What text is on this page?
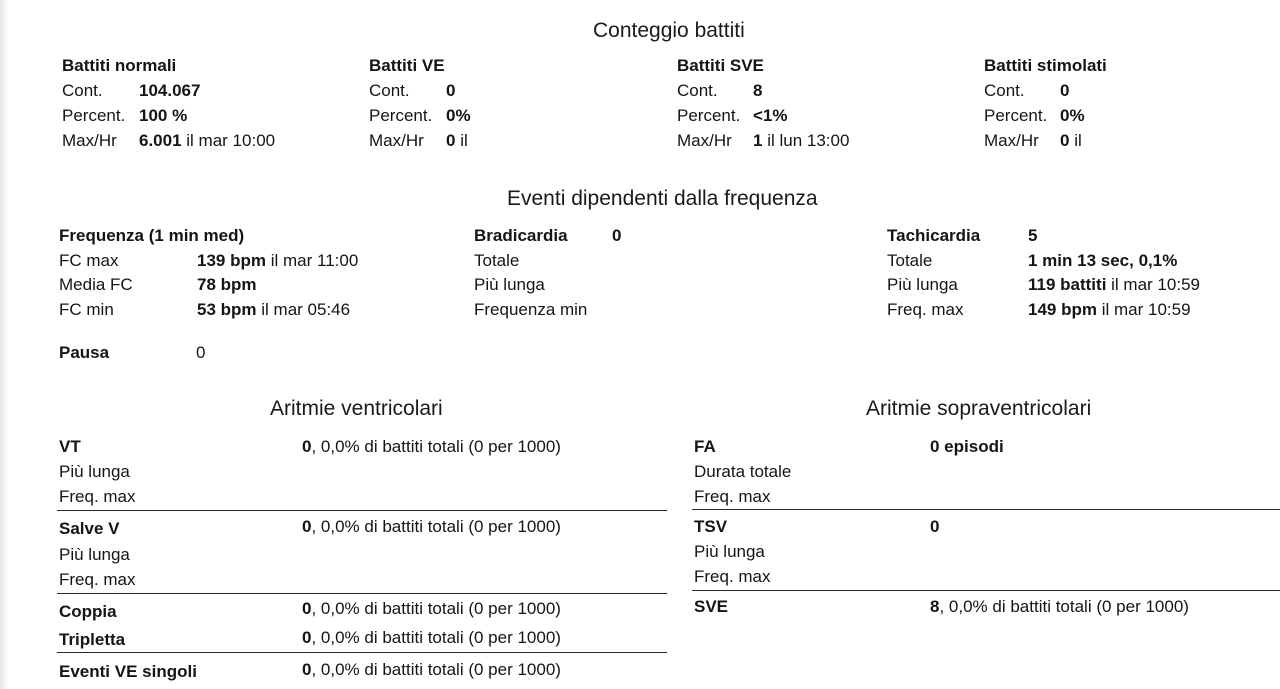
Conteggio battiti
Battiti normali
Cont. 104.067
Percent. 100 %
Max/Hr 6.001 il mar 10:00
Battiti VE
Cont. 0
Percent. 0%
Max/Hr 0 il
Battiti SVE
Cont. 8
Percent. <1%
Max/Hr 1 il lun 13:00
Battiti stimolati
Cont. 0
Percent. 0%
Max/Hr 0 il
Eventi dipendenti dalla frequenza
Frequenza (1 min med)
FC max	139 bpm il mar 11:00
Media FC	78 bpm
FC min	53 bpm il mar 05:46
Bradicardia	0
Totale
Più lunga
Frequenza min
Tachicardia	5
Totale	1 min 13 sec, 0,1%
Più lunga	119 battiti il mar 10:59
Freq. max	149 bpm il mar 10:59
Pausa	0
Aritmie ventricolari
VT	0, 0,0% di battiti totali (0 per 1000)
Più lunga
Freq. max
Salve V	0, 0,0% di battiti totali (0 per 1000)
Più lunga
Freq. max
Coppia	0, 0,0% di battiti totali (0 per 1000)
Tripletta	0, 0,0% di battiti totali (0 per 1000)
Eventi VE singoli	0, 0,0% di battiti totali (0 per 1000)
Aritmie sopraventricolari
FA	0 episodi
Durata totale
Freq. max
TSV	0
Più lunga
Freq. max
SVE	8, 0,0% di battiti totali (0 per 1000)
